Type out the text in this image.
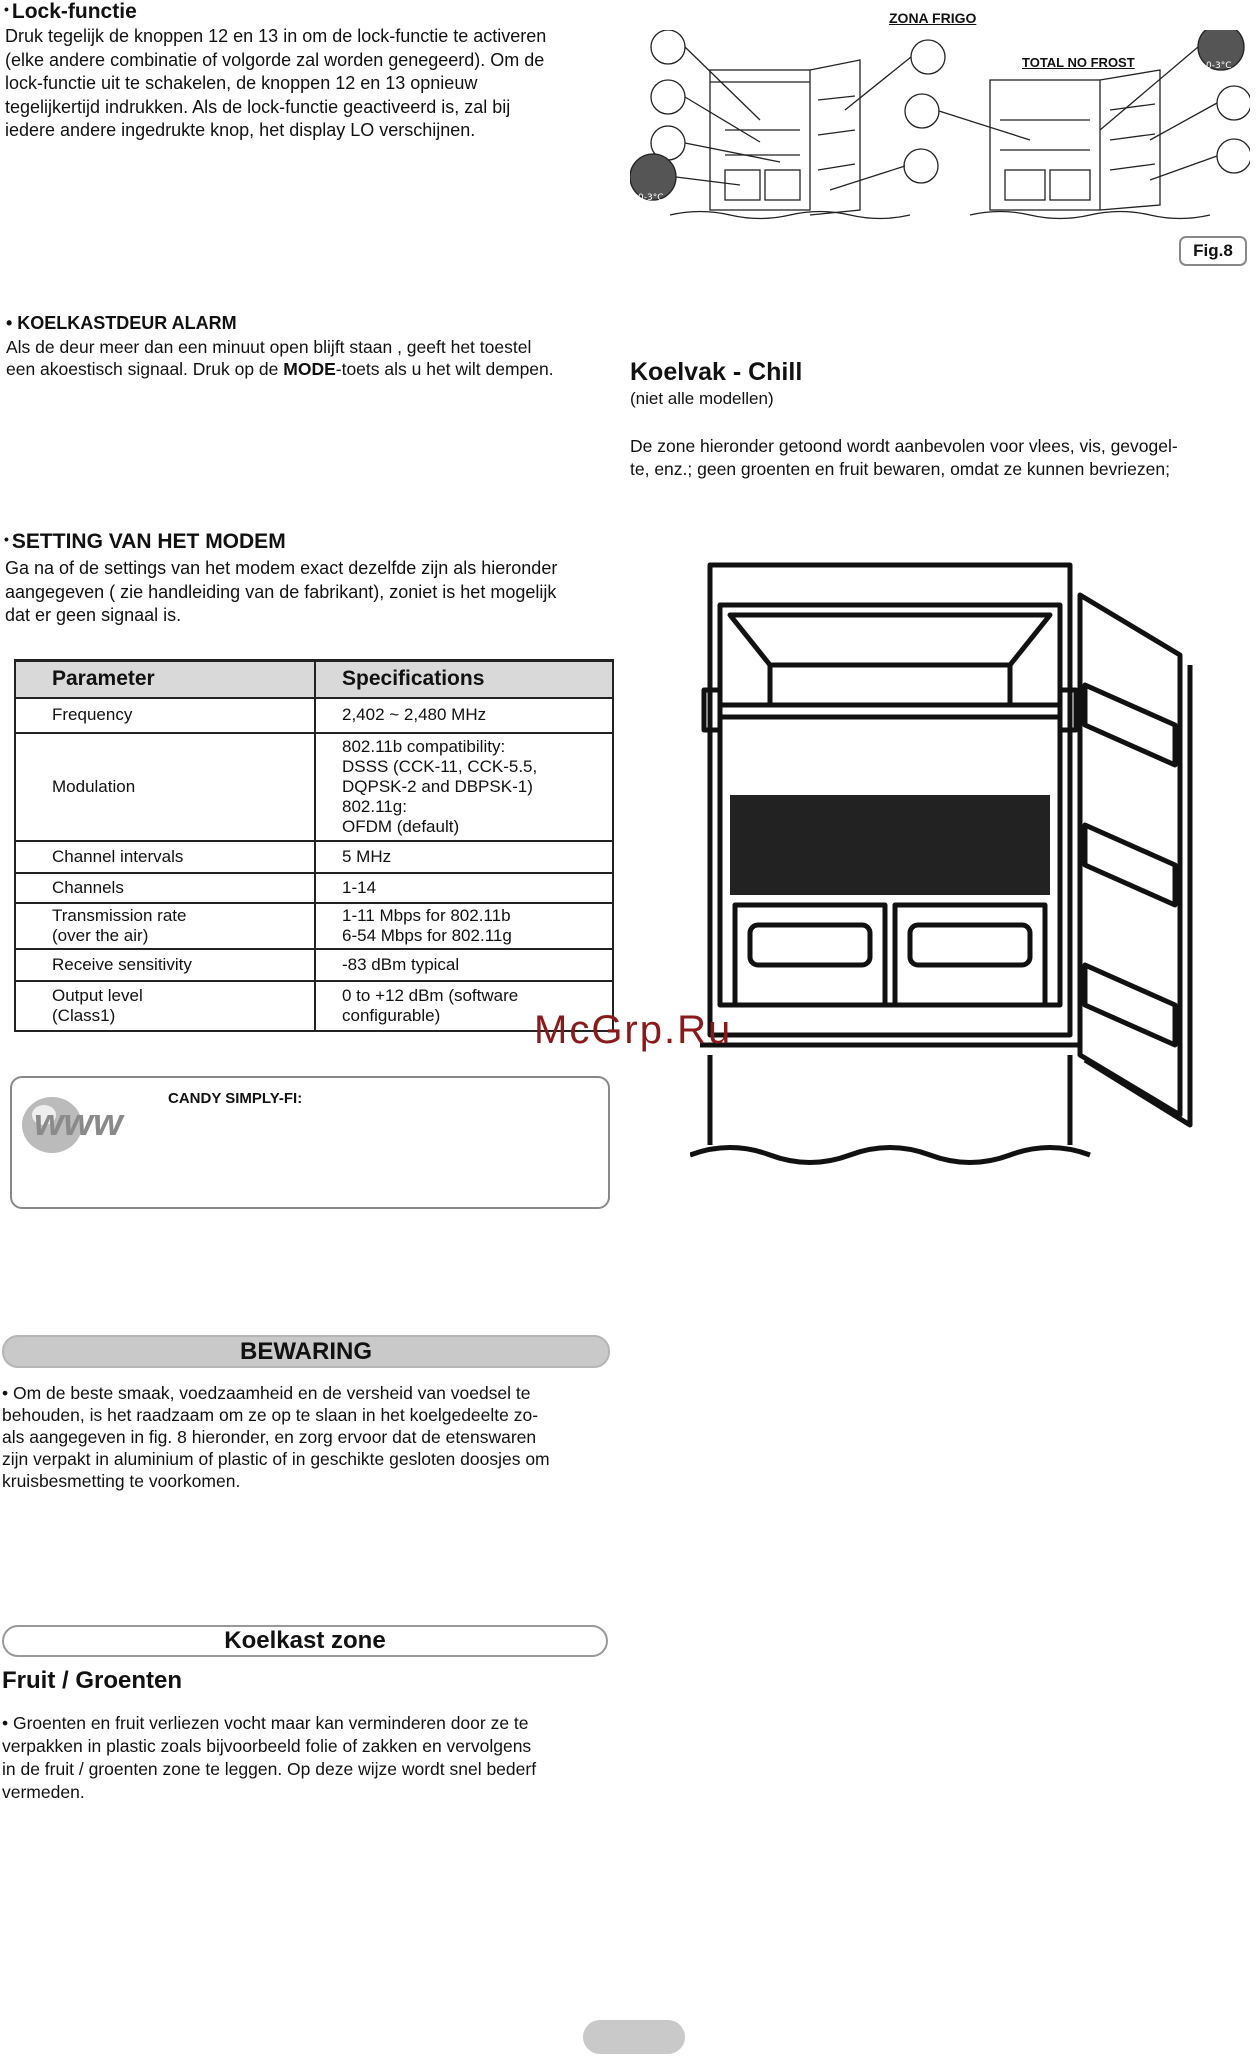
• Lock-functie

Druk tegelijk de knoppen 12 en 13 in om de lock-functie te activeren

(elke andere combinatie of volgorde zal worden genegeerd). Om de

lock-functie uit te schakelen, de knoppen 12 en 13 opnieuw

tegelijkertijd indrukken. Als de lock-functie geactiveerd is, zal bij

iedere andere ingedrukte knop, het display LO verschijnen.

ZONA FRIGO
TOTAL NO FROST
0-3°C
0-3°C
Fig.8
• KOELKASTDEUR ALARM

Als de deur meer dan een minuut open blijft staan , geeft het toestel

een akoestisch signaal. Druk op de MODE-toets als u het wilt dempen.	Koelvak - Chill
(niet alle modellen)

De zone hieronder getoond wordt aanbevolen voor vlees, vis, gevogel-

te, enz.; geen groenten en fruit bewaren, omdat ze kunnen bevriezen;

• SETTING VAN HET MODEM

Ga na of de settings van het modem exact dezelfde zijn als hieronder

aangegeven ( zie handleiding van de fabrikant), zoniet is het mogelijk

dat er geen signaal is.

Parameter	Specifications
Frequency	2,402 ~ 2,480 MHz
Modulation	802.11b compatibility:
DSSS (CCK-11, CCK-5.5,
DQPSK-2 and DBPSK-1)
802.11g:
OFDM (default)
Channel intervals	5 MHz
Channels	1-14
Transmission rate
(over the air)	1-11 Mbps for 802.11b
6-54 Mbps for 802.11g
Receive sensitivity	-83 dBm typical
Output level
(Class1)	0 to +12 dBm (software
configurable) McGrp.Ru
www
CANDY SIMPLY-FI:
BEWARING

• Om de beste smaak, voedzaamheid en de versheid van voedsel te

behouden, is het raadzaam om ze op te slaan in het koelgedeelte zo-

als aangegeven in fig. 8 hieronder, en zorg ervoor dat de etenswaren

zijn verpakt in aluminium of plastic of in geschikte gesloten doosjes om

kruisbesmetting te voorkomen.

Koelkast zone
Fruit / Groenten

• Groenten en fruit verliezen vocht maar kan verminderen door ze te

verpakken in plastic zoals bijvoorbeeld folie of zakken en vervolgens

in de fruit / groenten zone te leggen. Op deze wijze wordt snel bederf

vermeden.
